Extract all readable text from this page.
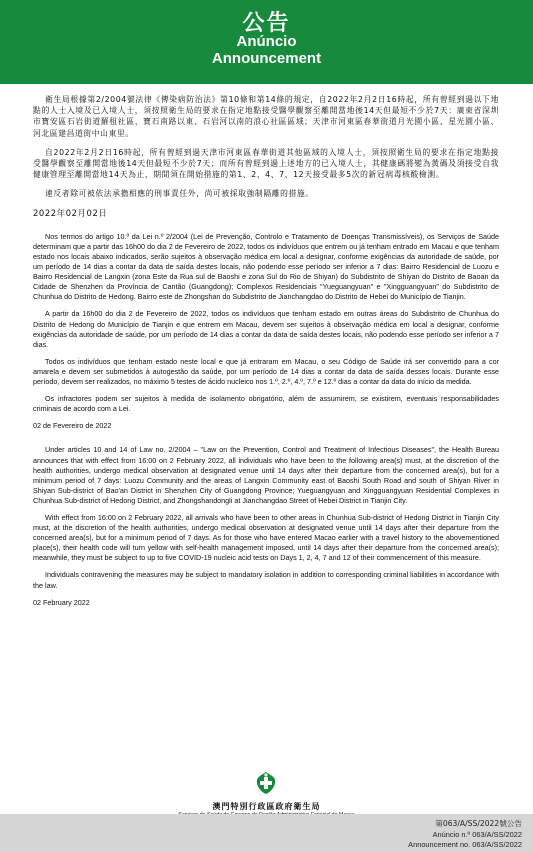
公告
Anúncio
Announcement

衛生局根據第2/2004號法律《傳染病防治法》第10條和第14條的規定，自2022年2月2日16時起，所有曾經到過以下地點的人士入境及已入境人士，須按照衛生局的要求在指定地點接受醫學觀察至離開當地後14天但最短不少於7天：廣東省深圳市寶安區石岩街道羅租社區、寶石南路以東、石岩河以南的浪心社區區域；天津市河東區春華街道月光園小區、星光園小區、河北區建昌道街中山東里。

自2022年2月2日16時起，所有曾經到過天津市河東區春華街道其他區域的入境人士，須按照衛生局的要求在指定地點接受醫學觀察至離開當地後14天但最短不少於7天；而所有曾經到過上述地方的已入境人士，其健康碼將變為黃碼及須接受自我健康管理至離開當地14天為止，期間須在開始措施的第1、2、4、7、12天接受最多5次的新冠病毒核酸檢測。

違反者除可被依法承擔相應的刑事責任外，尚可被採取強制隔離的措施。

2022年02月02日

Nos termos do artigo 10.º da Lei n.º 2/2004 (Lei de Prevenção, Controlo e Tratamento de Doenças Transmissíveis), os Serviços de Saúde determinam que a partir das 16h00 do dia 2 de Fevereiro de 2022, todos os indivíduos que entrem ou já tenham entrado em Macau e que tenham estado nos locais abaixo indicados, serão sujeitos à observação médica em local a designar, conforme exigências da autoridade de saúde, por um período de 14 dias a contar da data de saída destes locais, não podendo esse período ser inferior a 7 dias: Bairro Residencial de Luozu e Bairro Residencial de Langxin (zona Este da Rua sul de Baoshi e zona Sul do Rio de Shiyan) do Subdistrito de Shiyan do Distrito de Baoan da Cidade de Shenzhen da Província de Cantão (Guangdong); Complexos Residenciais "Yueguangyuan" e "Xingguangyuan" do Subdistrito de Chunhua do Distrito de Hedong. Bairro este de Zhongshan do Subdistrito de Jianchangdao do Distrito de Hebei do Município de Tianjin.

A partir da 16h00 do dia 2 de Fevereiro de 2022, todos os indivíduos que tenham estado em outras áreas do Subdistrito de Chunhua do Distrito de Hedong do Município de Tianjin e que entrem em Macau, devem ser sujeitos à observação médica em local a designar, conforme exigências da autoridade de saúde, por um período de 14 dias a contar da data de saída destes locais, não podendo esse período ser inferior a 7 dias.

Todos os indivíduos que tenham estado neste local e que já entraram em Macau, o seu Código de Saúde irá ser convertido para a cor amarela e devem ser submetidos à autogestão da saúde, por um período de 14 dias a contar da data de saída desses locais. Durante esse período, devem ser realizados, no máximo 5 testes de ácido nucleico nos 1.º, 2.º, 4.º, 7.º e 12.º dias a contar da data do início da medida.

Os infractores podem ser sujeitos à medida de isolamento obrigatório, além de assumirem, se existirem, eventuais responsabilidades criminais de acordo com a Lei.

02 de Fevereiro de 2022

Under articles 10 and 14 of Law no. 2/2004 – "Law on the Prevention, Control and Treatment of Infectious Diseases", the Health Bureau announces that with effect from 16:00 on 2 February 2022, all individuals who have been to the following area(s) must, at the discretion of the health authorities, undergo medical observation at designated venue until 14 days after their departure from the concerned area(s), but for a minimum period of 7 days: Luozu Community and the areas of Langxin Community east of Baoshi South Road and south of Shiyan River in Shiyan Sub-district of Bao'an District in Shenzhen City of Guangdong Province; Yueguangyuan and Xingguangyuan Residential Complexes in Chunhua Sub-district of Hedong District, and Zhongshandongli at Jianchangdao Street of Hebei District in Tianjin City.

With effect from 16:00 on 2 February 2022, all arrivals who have been to other areas in Chunhua Sub-district of Hedong District in Tianjin City must, at the discretion of the health authorities, undergo medical observation at designated venue until 14 days after their departure from the concerned area(s), but for a minimum period of 7 days. As for those who have entered Macao earlier with a travel history to the abovementioned place(s), their health code will turn yellow with self-health management imposed, until 14 days after their departure from the concerned area(s); meanwhile, they must be subject to up to five COVID-19 nucleic acid tests on Days 1, 2, 4, 7 and 12 of their commencement of this measure.

Individuals contravening the measures may be subject to mandatory isolation in addition to corresponding criminal liabilities in accordance with the law.

02 February 2022

澳門特別行政區政府衛生局
第063/A/SS/2022號公告
Anúncio n.º 063/A/SS/2022
Announcement no. 063/A/SS/2022
